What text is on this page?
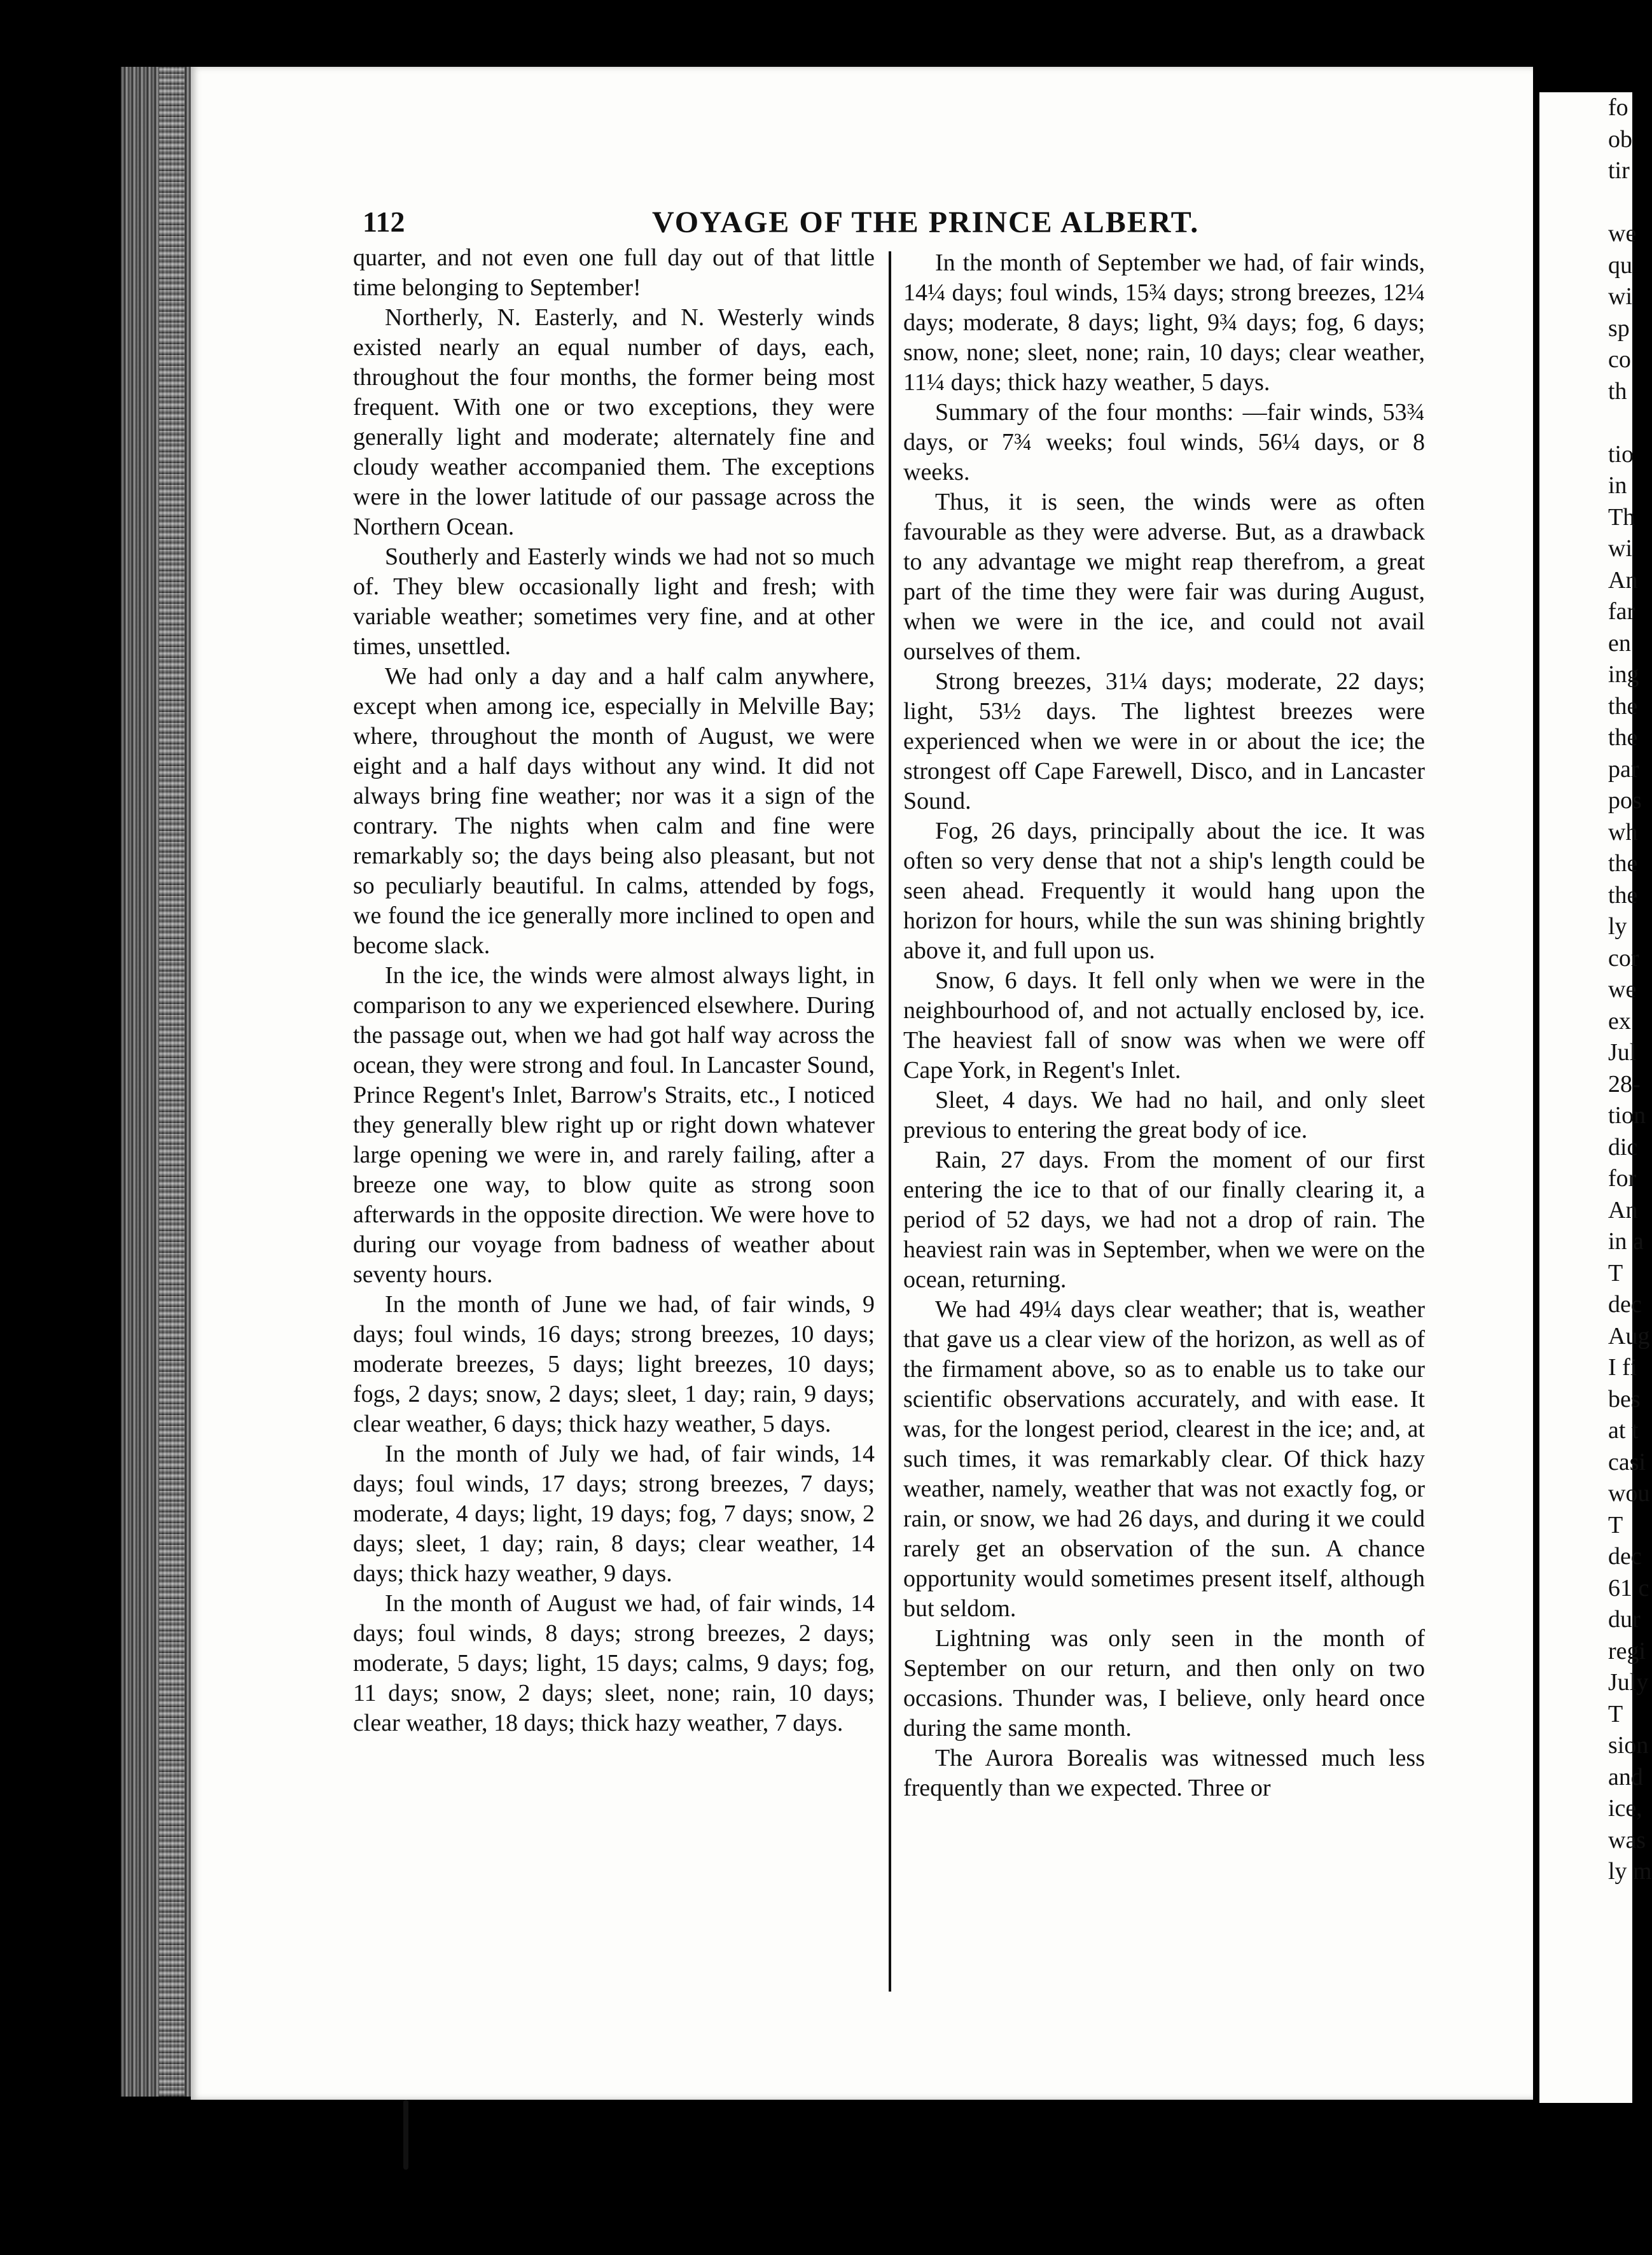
fo
ob
tir
we
qu
wi
sp
co
th
tio
in
Th
wi
An
far
en
ing
the
the
par
pos
wh
the
the
ly
cor
we
ex
Jul
28-
tion
dic
for
An
in a
T
dec
Aug
I fi
bes
at t
casi
wou
T
dec
61 c
dur
regi
July
T
sion
and
ice,
was
ly m
112	VOYAGE OF THE PRINCE ALBERT.

quarter, and not even one full day out of that little time belonging to September!

Northerly, N. Easterly, and N. Westerly winds existed nearly an equal number of days, each, throughout the four months, the former being most frequent. With one or two exceptions, they were generally light and moderate; alternately fine and cloudy weather accompanied them. The exceptions were in the lower latitude of our passage across the Northern Ocean.

Southerly and Easterly winds we had not so much of. They blew occasionally light and fresh; with variable weather; sometimes very fine, and at other times, unsettled.

We had only a day and a half calm anywhere, except when among ice, especially in Melville Bay; where, throughout the month of August, we were eight and a half days without any wind. It did not always bring fine weather; nor was it a sign of the contrary. The nights when calm and fine were remarkably so; the days being also pleasant, but not so peculiarly beautiful. In calms, attended by fogs, we found the ice generally more inclined to open and become slack.

In the ice, the winds were almost always light, in comparison to any we experienced elsewhere. During the passage out, when we had got half way across the ocean, they were strong and foul. In Lancaster Sound, Prince Regent's Inlet, Barrow's Straits, etc., I noticed they generally blew right up or right down whatever large opening we were in, and rarely failing, after a breeze one way, to blow quite as strong soon afterwards in the opposite direction. We were hove to during our voyage from badness of weather about seventy hours.

In the month of June we had, of fair winds, 9 days; foul winds, 16 days; strong breezes, 10 days; moderate breezes, 5 days; light breezes, 10 days; fogs, 2 days; snow, 2 days; sleet, 1 day; rain, 9 days; clear weather, 6 days; thick hazy weather, 5 days.

In the month of July we had, of fair winds, 14 days; foul winds, 17 days; strong breezes, 7 days; moderate, 4 days; light, 19 days; fog, 7 days; snow, 2 days; sleet, 1 day; rain, 8 days; clear weather, 14 days; thick hazy weather, 9 days.

In the month of August we had, of fair winds, 14 days; foul winds, 8 days; strong breezes, 2 days; moderate, 5 days; light, 15 days; calms, 9 days; fog, 11 days; snow, 2 days; sleet, none; rain, 10 days; clear weather, 18 days; thick hazy weather, 7 days.

In the month of September we had, of fair winds, 14¼ days; foul winds, 15¾ days; strong breezes, 12¼ days; moderate, 8 days; light, 9¾ days; fog, 6 days; snow, none; sleet, none; rain, 10 days; clear weather, 11¼ days; thick hazy weather, 5 days.

Summary of the four months: —fair winds, 53¾ days, or 7¾ weeks; foul winds, 56¼ days, or 8 weeks.

Thus, it is seen, the winds were as often favourable as they were adverse. But, as a drawback to any advantage we might reap therefrom, a great part of the time they were fair was during August, when we were in the ice, and could not avail ourselves of them.

Strong breezes, 31¼ days; moderate, 22 days; light, 53½ days. The lightest breezes were experienced when we were in or about the ice; the strongest off Cape Farewell, Disco, and in Lancaster Sound.

Fog, 26 days, principally about the ice. It was often so very dense that not a ship's length could be seen ahead. Frequently it would hang upon the horizon for hours, while the sun was shining brightly above it, and full upon us.

Snow, 6 days. It fell only when we were in the neighbourhood of, and not actually enclosed by, ice. The heaviest fall of snow was when we were off Cape York, in Regent's Inlet.

Sleet, 4 days. We had no hail, and only sleet previous to entering the great body of ice.

Rain, 27 days. From the moment of our first entering the ice to that of our finally clearing it, a period of 52 days, we had not a drop of rain. The heaviest rain was in September, when we were on the ocean, returning.

We had 49¼ days clear weather; that is, weather that gave us a clear view of the horizon, as well as of the firmament above, so as to enable us to take our scientific observations accurately, and with ease. It was, for the longest period, clearest in the ice; and, at such times, it was remarkably clear. Of thick hazy weather, namely, weather that was not exactly fog, or rain, or snow, we had 26 days, and during it we could rarely get an observation of the sun. A chance opportunity would sometimes present itself, although but seldom.

Lightning was only seen in the month of September on our return, and then only on two occasions. Thunder was, I believe, only heard once during the same month.

The Aurora Borealis was witnessed much less frequently than we expected. Three or
